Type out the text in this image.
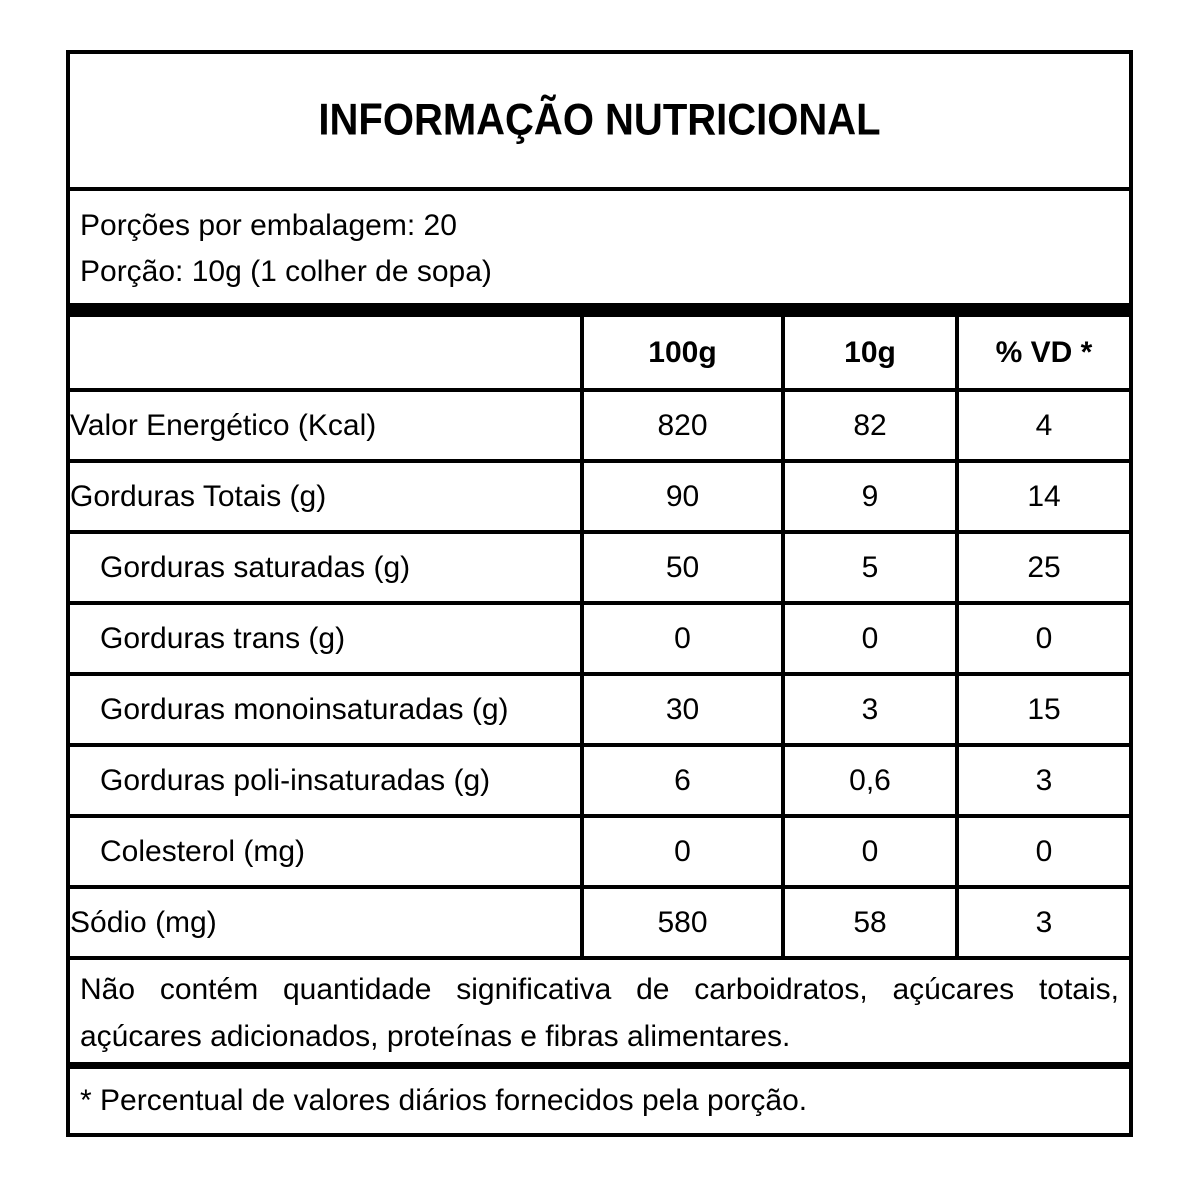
INFORMAÇÃO NUTRICIONAL
Porções por embalagem: 20
Porção: 10g (1 colher de sopa)
	100g	10g	% VD *
Valor Energético (Kcal)	820	82	4
Gorduras Totais (g)	90	9	14
Gorduras saturadas (g)	50	5	25
Gorduras trans (g)	0	0	0
Gorduras monoinsaturadas (g)	30	3	15
Gorduras poli-insaturadas (g)	6	0,6	3
Colesterol (mg)	0	0	0
Sódio (mg)	580	58	3
Não contém quantidade significativa de carboidratos, açúcares totais, açúcares adicionados, proteínas e fibras alimentares.
* Percentual de valores diários fornecidos pela porção.
